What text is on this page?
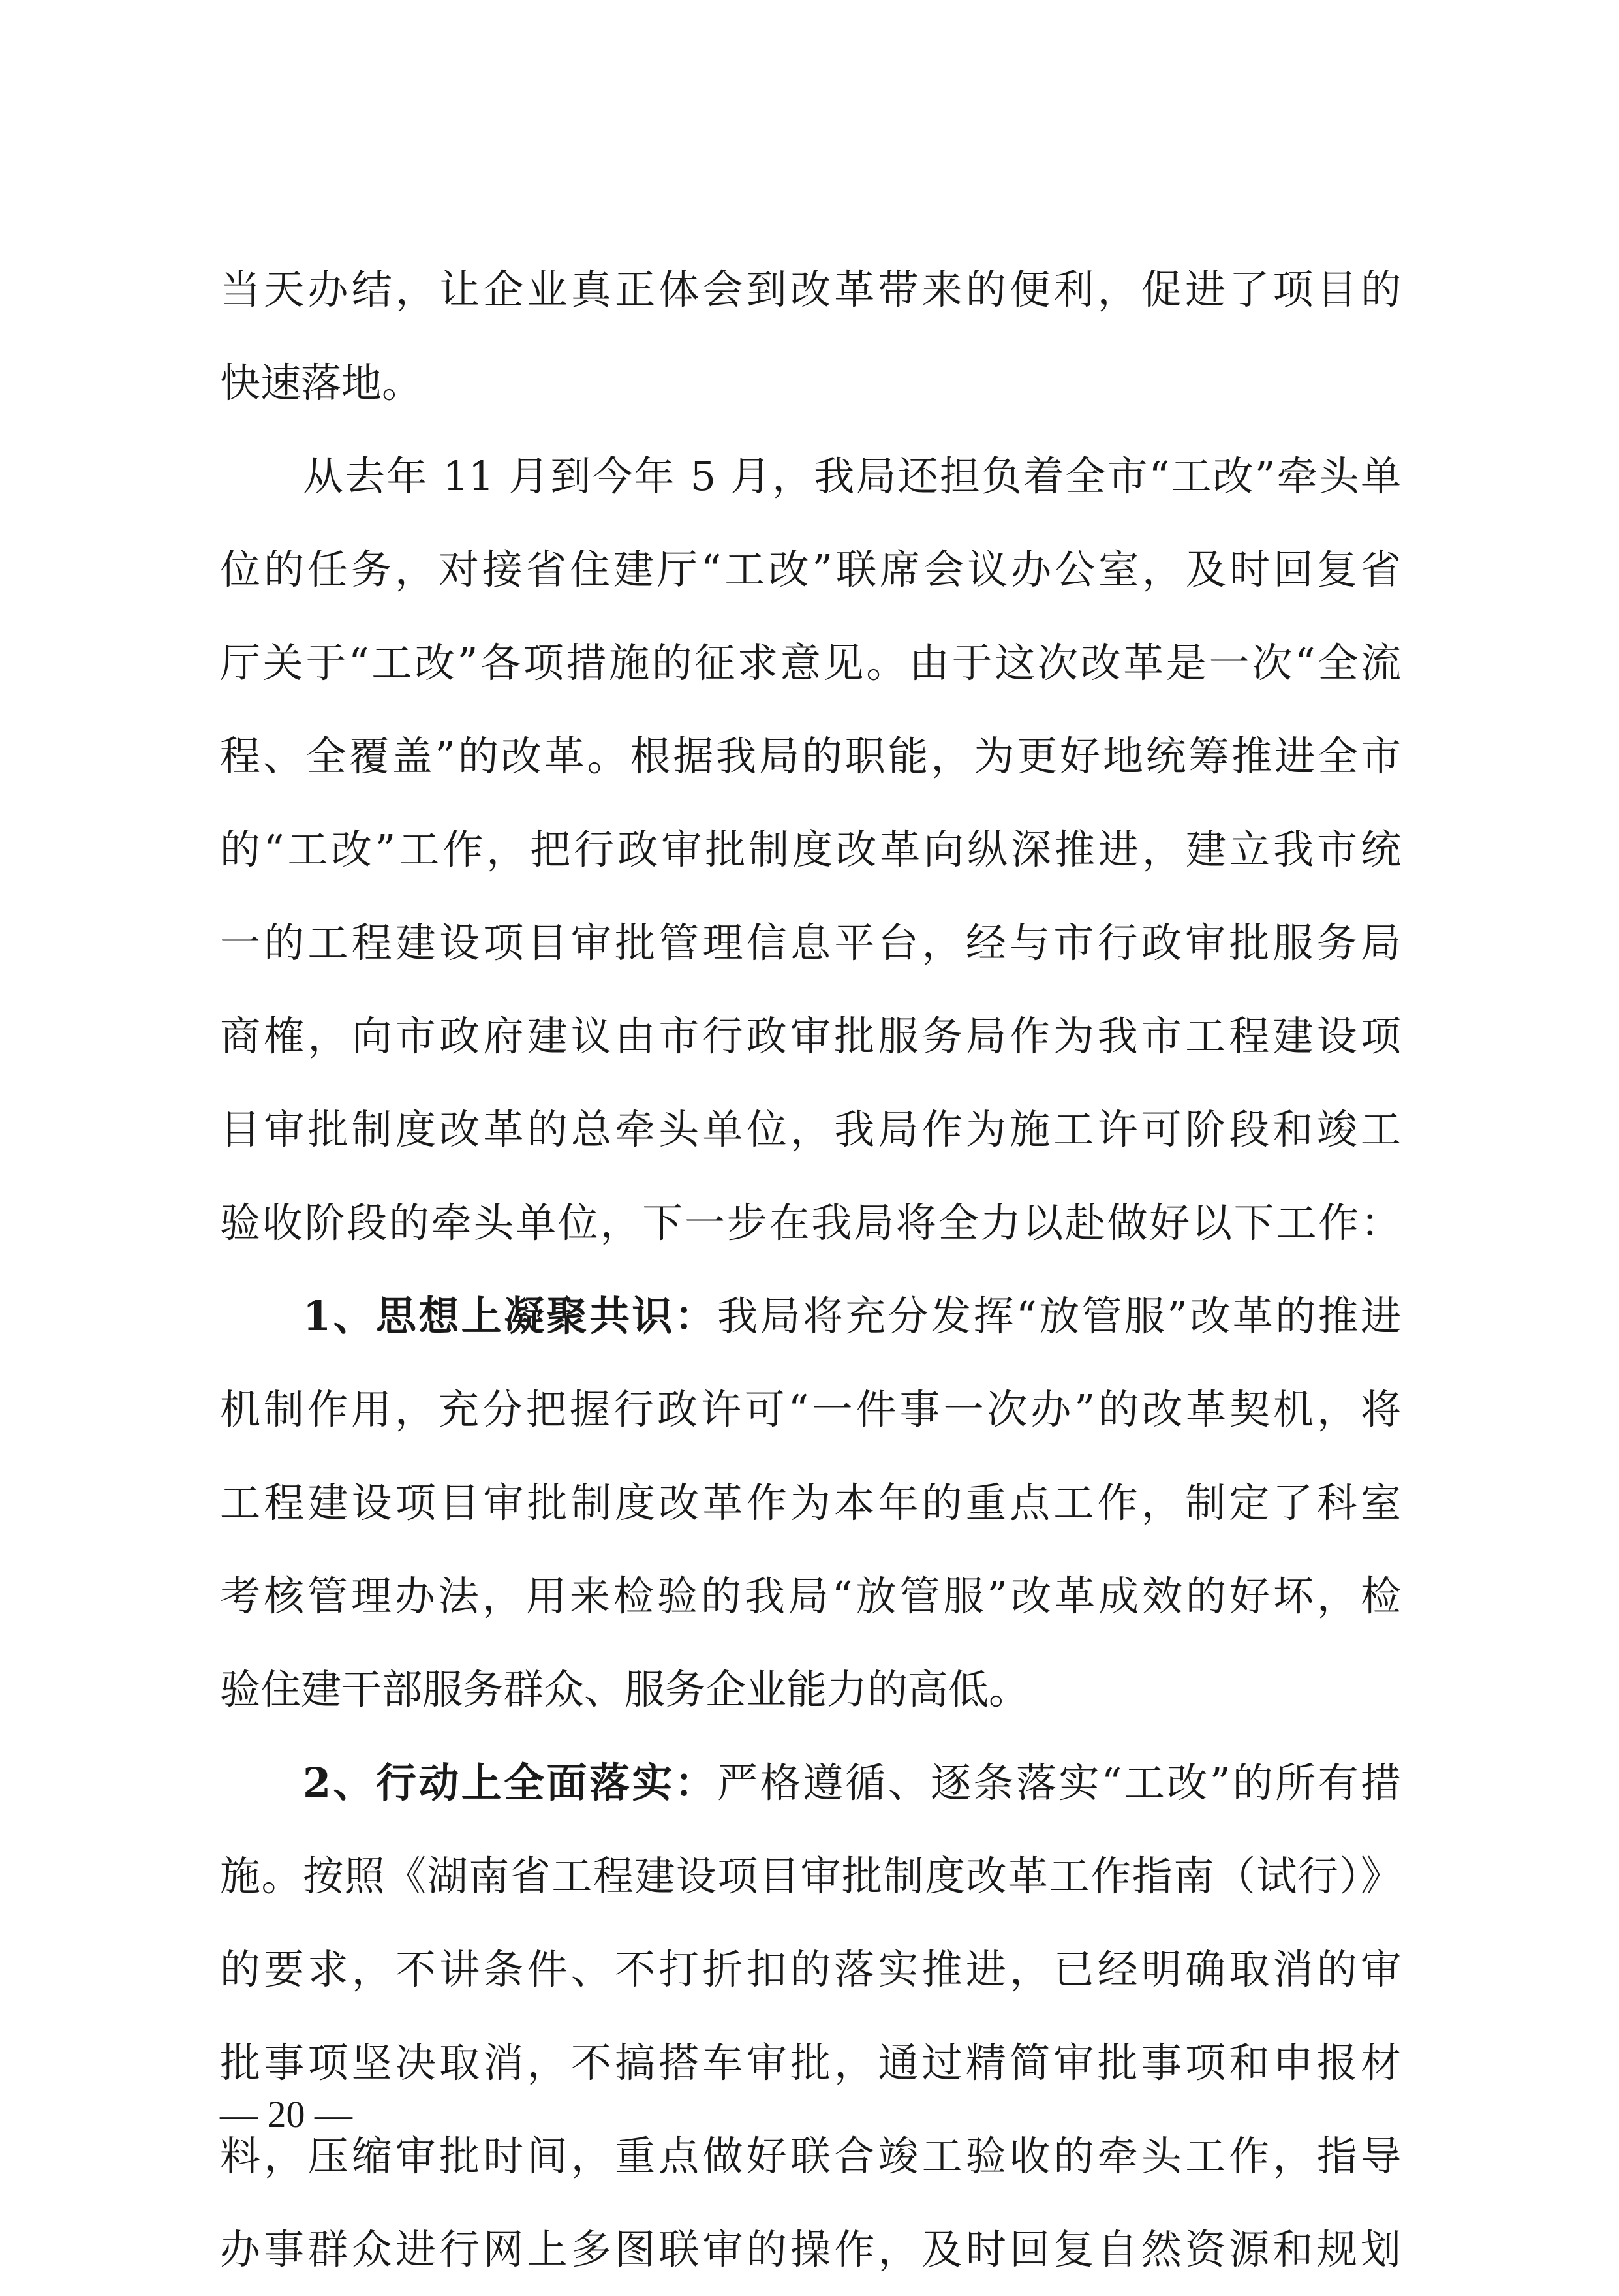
当天办结，让企业真正体会到改革带来的便利，促进了项目的
快速落地。
从去年 11 月到今年 5 月，我局还担负着全市“工改”牵头单
位的任务，对接省住建厅“工改”联席会议办公室，及时回复省
厅关于“工改”各项措施的征求意见。由于这次改革是一次“全流
程、全覆盖”的改革。根据我局的职能，为更好地统筹推进全市
的“工改”工作，把行政审批制度改革向纵深推进，建立我市统
一的工程建设项目审批管理信息平台，经与市行政审批服务局
商榷，向市政府建议由市行政审批服务局作为我市工程建设项
目审批制度改革的总牵头单位，我局作为施工许可阶段和竣工
验收阶段的牵头单位，下一步在我局将全力以赴做好以下工作：
1、思想上凝聚共识：我局将充分发挥“放管服”改革的推进
机制作用，充分把握行政许可“一件事一次办”的改革契机，将
工程建设项目审批制度改革作为本年的重点工作，制定了科室
考核管理办法，用来检验的我局“放管服”改革成效的好坏，检
验住建干部服务群众、服务企业能力的高低。
2、行动上全面落实：严格遵循、逐条落实“工改”的所有措
施。按照《湖南省工程建设项目审批制度改革工作指南（试行）》
的要求，不讲条件、不打折扣的落实推进，已经明确取消的审
批事项坚决取消，不搞搭车审批，通过精简审批事项和申报材
料，压缩审批时间，重点做好联合竣工验收的牵头工作，指导
办事群众进行网上多图联审的操作，及时回复自然资源和规划
— 20 —
